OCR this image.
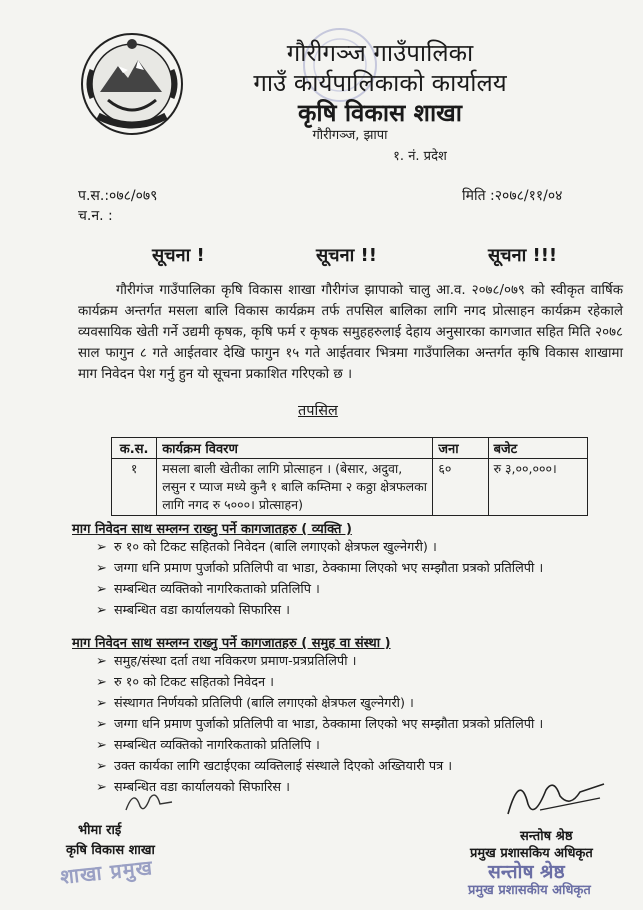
गौरीगञ्ज गाउँपालिका
गाउँ कार्यपालिकाको कार्यालय
कृषि विकास शाखा
गौरीगञ्ज, झापा
१. नं. प्रदेश
प.स.:०७८/०७९
च.न. :
मिति :२०७८/११/०४
सूचना !	सूचना !!	सूचना !!!
गौरीगंज गाउँपालिका कृषि विकास शाखा गौरीगंज झापाको चालु आ.व. २०७८/०७९ को स्वीकृत वार्षिक कार्यक्रम अन्तर्गत मसला बालि विकास कार्यक्रम तर्फ तपसिल बालिका लागि नगद प्रोत्साहन कार्यक्रम रहेकाले व्यवसायिक खेती गर्ने उद्यमी कृषक, कृषि फर्म र कृषक समुहहरुलाई देहाय अनुसारका कागजात सहित मिति २०७८ साल फागुन ८ गते आईतवार देखि फागुन १५ गते आईतवार भित्रमा गाउँपालिका अन्तर्गत कृषि विकास शाखामा माग निवेदन पेश गर्नु हुन यो सूचना प्रकाशित गरिएको छ ।
तपसिल
क.स.	कार्यक्रम विवरण	जना	बजेट
१	मसला बाली खेतीका लागि प्रोत्साहन । (बेसार, अदुवा, लसुन र प्याज मध्ये कुनै १ बालि कम्तिमा २ कठ्ठा क्षेत्रफलका लागि नगद रु ५०००। प्रोत्साहन)	६०	रु ३,००,०००।
माग निवेदन साथ सम्लग्न राख्नु पर्ने कागजातहरु ( व्यक्ति )
➢ रु १० को टिकट सहितको निवेदन (बालि लगाएको क्षेत्रफल खुल्नेगरी) ।
➢ जग्गा धनि प्रमाण पुर्जाको प्रतिलिपी वा भाडा, ठेक्कामा लिएको भए सम्झौता प्रत्रको प्रतिलिपी ।
➢ सम्बन्धित व्यक्तिको नागरिकताको प्रतिलिपि ।
➢ सम्बन्धित वडा कार्यालयको सिफारिस ।
माग निवेदन साथ सम्लग्न राख्नु पर्ने कागजातहरु ( समुह वा संस्था )
➢ समुह/संस्था दर्ता तथा नविकरण प्रमाण-प्रत्रप्रतिलिपी ।
➢ रु १० को टिकट सहितको निवेदन ।
➢ संस्थागत निर्णयको प्रतिलिपी (बालि लगाएको क्षेत्रफल खुल्नेगरी) ।
➢ जग्गा धनि प्रमाण पुर्जाको प्रतिलिपी वा भाडा, ठेक्कामा लिएको भए सम्झौता प्रत्रको प्रतिलिपी ।
➢ सम्बन्धित व्यक्तिको नागरिकताको प्रतिलिपि ।
➢ उक्त कार्यका लागि खटाईएका व्यक्तिलाई संस्थाले दिएको अख्तियारी पत्र ।
➢ सम्बन्धित वडा कार्यालयको सिफारिस ।
भीमा राई
कृषि विकास शाखा
शाखा प्रमुख
सन्तोष श्रेष्ठ
प्रमुख प्रशासकिय अधिकृत
सन्तोष श्रेष्ठ
प्रमुख प्रशासकीय अधिकृत
